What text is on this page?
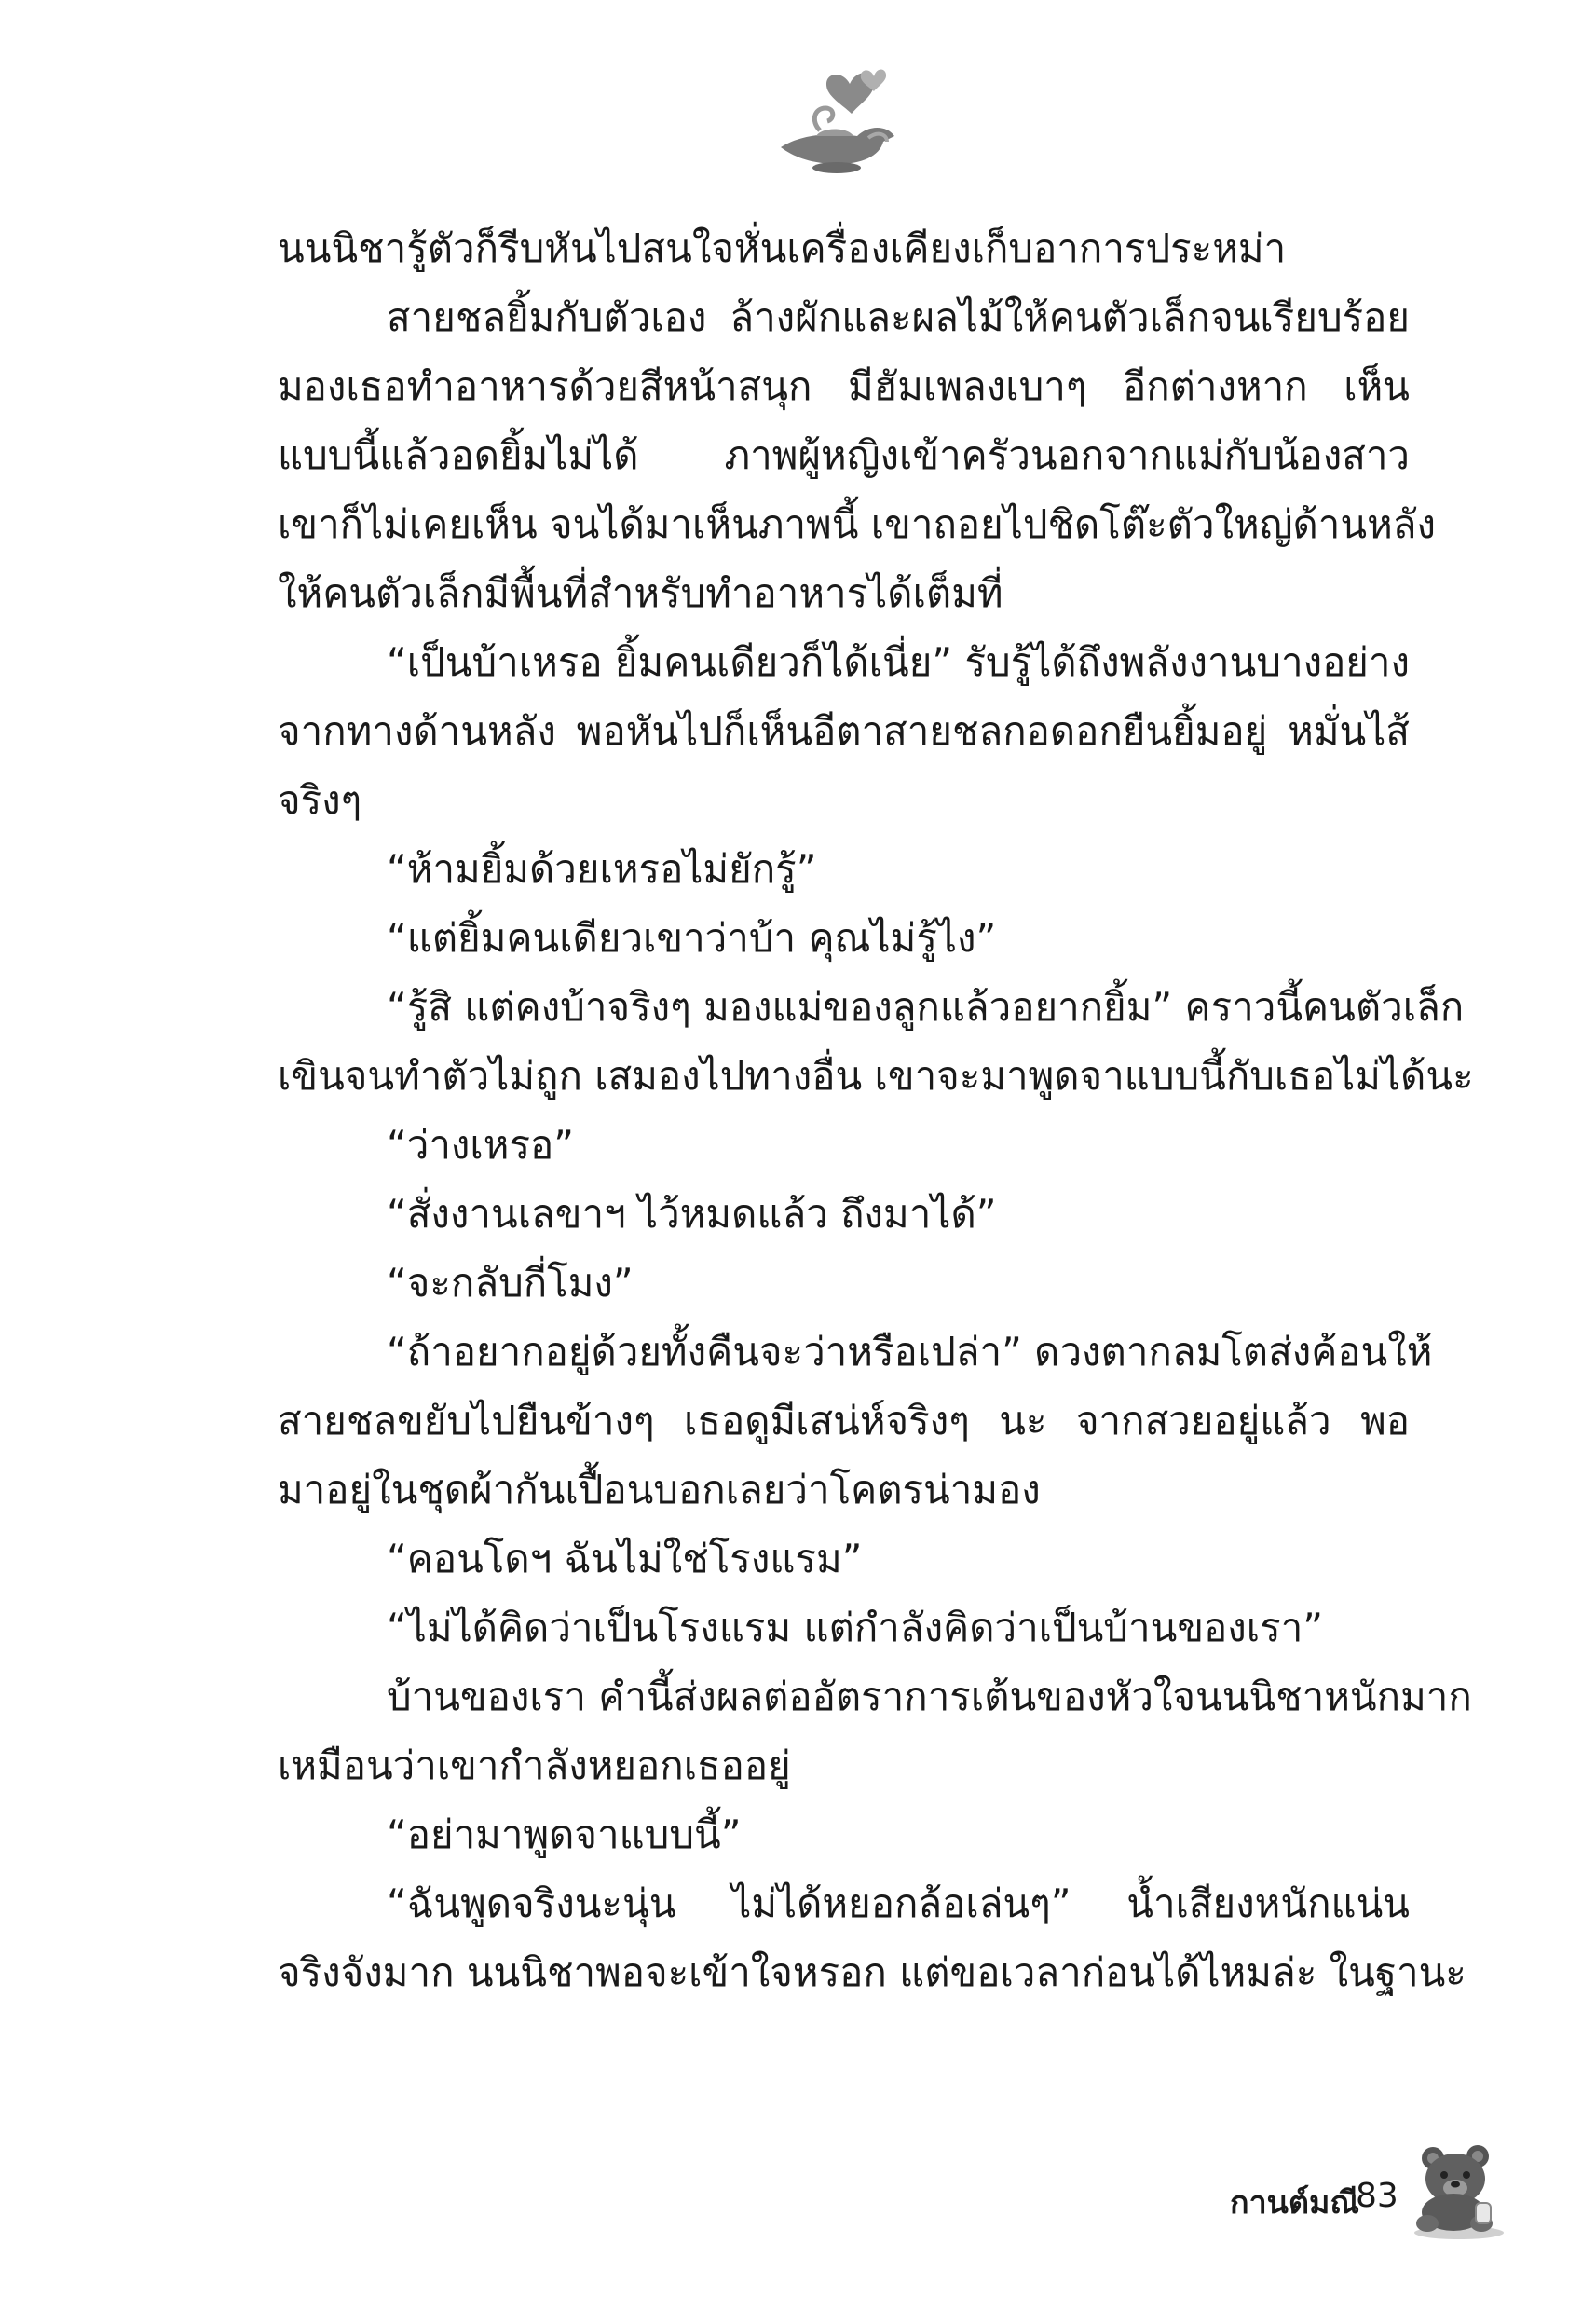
นนนิชารู้ตัวก็รีบหันไปสนใจหั่นเครื่องเคียงเก็บอาการประหม่า
สายชลยิ้มกับตัวเอง ล้างผักและผลไม้ให้คนตัวเล็กจนเรียบร้อย
มองเธอทำอาหารด้วยสีหน้าสนุก มีฮัมเพลงเบาๆ อีกต่างหาก เห็น
แบบนี้แล้วอดยิ้มไม่ได้ ภาพผู้หญิงเข้าครัวนอกจากแม่กับน้องสาว
เขาก็ไม่เคยเห็น จนได้มาเห็นภาพนี้ เขาถอยไปชิดโต๊ะตัวใหญ่ด้านหลัง
ให้คนตัวเล็กมีพื้นที่สำหรับทำอาหารได้เต็มที่
“เป็นบ้าเหรอ ยิ้มคนเดียวก็ได้เนี่ย” รับรู้ได้ถึงพลังงานบางอย่าง
จากทางด้านหลัง พอหันไปก็เห็นอีตาสายชลกอดอกยืนยิ้มอยู่ หมั่นไส้
จริงๆ
“ห้ามยิ้มด้วยเหรอไม่ยักรู้”
“แต่ยิ้มคนเดียวเขาว่าบ้า คุณไม่รู้ไง”
“รู้สิ แต่คงบ้าจริงๆ มองแม่ของลูกแล้วอยากยิ้ม” คราวนี้คนตัวเล็ก
เขินจนทำตัวไม่ถูก เสมองไปทางอื่น เขาจะมาพูดจาแบบนี้กับเธอไม่ได้นะ
“ว่างเหรอ”
“สั่งงานเลขาฯ ไว้หมดแล้ว ถึงมาได้”
“จะกลับกี่โมง”
“ถ้าอยากอยู่ด้วยทั้งคืนจะว่าหรือเปล่า” ดวงตากลมโตส่งค้อนให้
สายชลขยับไปยืนข้างๆ เธอดูมีเสน่ห์จริงๆ นะ จากสวยอยู่แล้ว พอ
มาอยู่ในชุดผ้ากันเปื้อนบอกเลยว่าโคตรน่ามอง
“คอนโดฯ ฉันไม่ใช่โรงแรม”
“ไม่ได้คิดว่าเป็นโรงแรม แต่กำลังคิดว่าเป็นบ้านของเรา”
บ้านของเรา คำนี้ส่งผลต่ออัตราการเต้นของหัวใจนนนิชาหนักมาก
เหมือนว่าเขากำลังหยอกเธออยู่
“อย่ามาพูดจาแบบนี้”
“ฉันพูดจริงนะนุ่น ไม่ได้หยอกล้อเล่นๆ” น้ำเสียงหนักแน่น
จริงจังมาก นนนิชาพอจะเข้าใจหรอก แต่ขอเวลาก่อนได้ไหมล่ะ ในฐานะ
กานต์มณี
83
